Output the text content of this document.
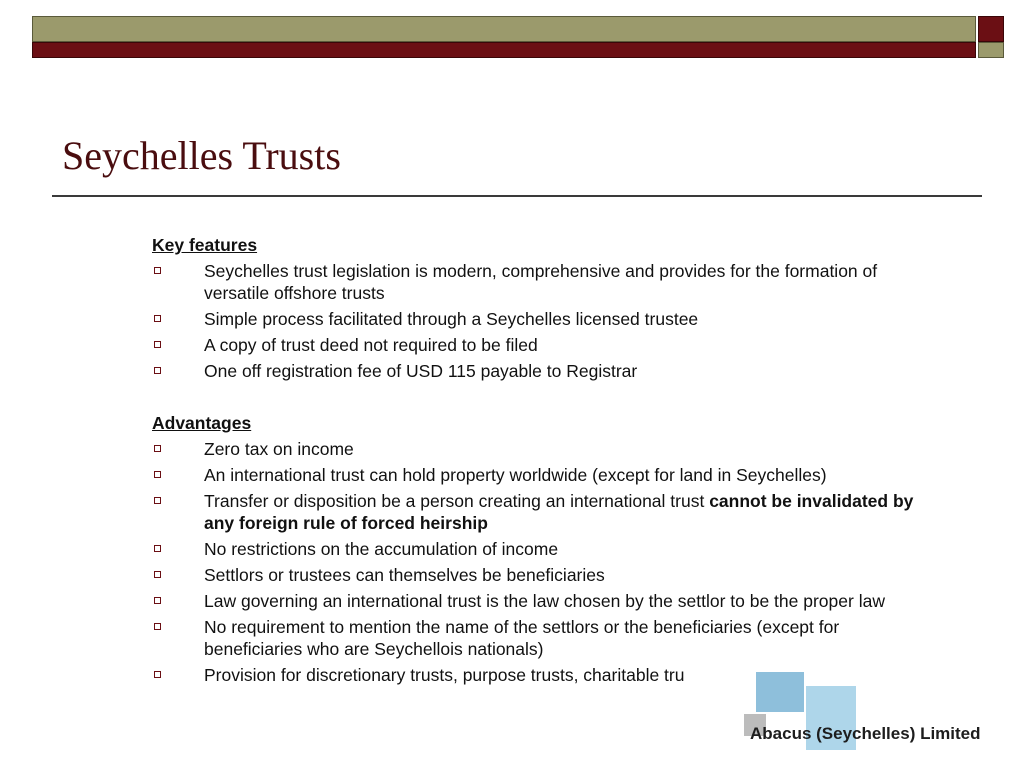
Seychelles Trusts
Key features
Seychelles trust legislation is modern, comprehensive and provides for the formation of versatile offshore trusts
Simple process facilitated through a Seychelles licensed trustee
A copy of trust deed not required to be filed
One off registration fee of USD 115 payable to Registrar
Advantages
Zero tax on income
An international trust can hold property worldwide (except for land in Seychelles)
Transfer or disposition be a person creating an international trust cannot be invalidated by any foreign rule of forced heirship
No restrictions on the accumulation of income
Settlors or trustees can themselves be beneficiaries
Law governing an international trust is the law chosen by the settlor to be the proper law
No requirement to mention the name of the settlors or the beneficiaries (except for beneficiaries who are Seychellois nationals)
Provision for discretionary trusts, purpose trusts, charitable tru
Abacus (Seychelles) Limited
